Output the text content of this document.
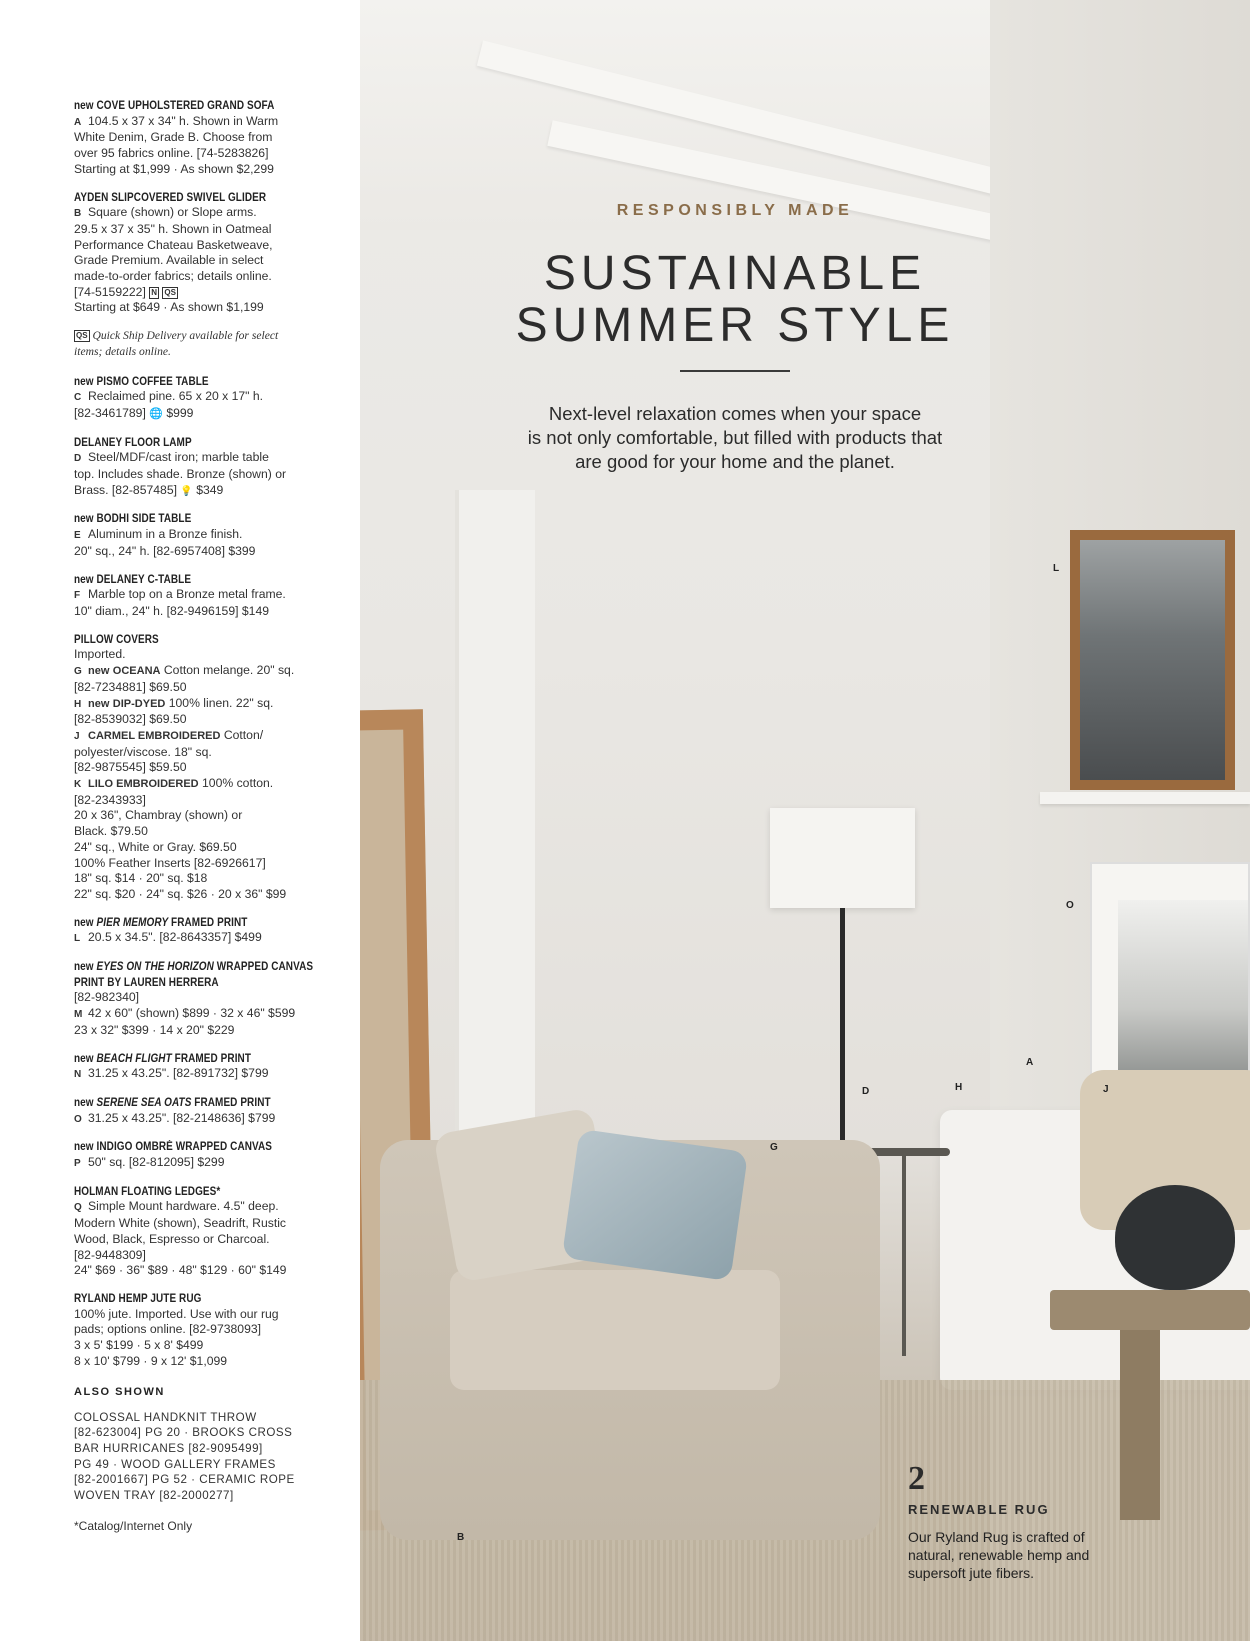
new COVE UPHOLSTERED GRAND SOFA
A 104.5 x 37 x 34" h. Shown in Warm
White Denim, Grade B. Choose from
over 95 fabrics online. [74-5283826]
Starting at $1,999 · As shown $2,299
AYDEN SLIPCOVERED SWIVEL GLIDER
B Square (shown) or Slope arms.
29.5 x 37 x 35" h. Shown in Oatmeal
Performance Chateau Basketweave,
Grade Premium. Available in select
made-to-order fabrics; details online.
[74-5159222] N QS
Starting at $649 · As shown $1,199
QS Quick Ship Delivery available for select
items; details online.
new PISMO COFFEE TABLE
C Reclaimed pine. 65 x 20 x 17" h.
[82-3461789] 🌐 $999
DELANEY FLOOR LAMP
D Steel/MDF/cast iron; marble table
top. Includes shade. Bronze (shown) or
Brass. [82-857485] 💡 $349
new BODHI SIDE TABLE
E Aluminum in a Bronze finish.
20" sq., 24" h. [82-6957408] $399
new DELANEY C-TABLE
F Marble top on a Bronze metal frame.
10" diam., 24" h. [82-9496159] $149
PILLOW COVERS
Imported.
G new OCEANA Cotton melange. 20" sq.
[82-7234881] $69.50
H new DIP-DYED 100% linen. 22" sq.
[82-8539032] $69.50
J CARMEL EMBROIDERED Cotton/
polyester/viscose. 18" sq.
[82-9875545] $59.50
K LILO EMBROIDERED 100% cotton.
[82-2343933]
20 x 36", Chambray (shown) or
Black. $79.50
24" sq., White or Gray. $69.50
100% Feather Inserts [82-6926617]
18" sq. $14 · 20" sq. $18
22" sq. $20 · 24" sq. $26 · 20 x 36" $99
new PIER MEMORY FRAMED PRINT
L 20.5 x 34.5". [82-8643357] $499
new EYES ON THE HORIZON WRAPPED CANVAS
PRINT BY LAUREN HERRERA
[82-982340]
M 42 x 60" (shown) $899 · 32 x 46" $599
23 x 32" $399 · 14 x 20" $229
new BEACH FLIGHT FRAMED PRINT
N 31.25 x 43.25". [82-891732] $799
new SERENE SEA OATS FRAMED PRINT
O 31.25 x 43.25". [82-2148636] $799
new INDIGO OMBRÉ WRAPPED CANVAS
P 50" sq. [82-812095] $299
HOLMAN FLOATING LEDGES*
Q Simple Mount hardware. 4.5" deep.
Modern White (shown), Seadrift, Rustic
Wood, Black, Espresso or Charcoal.
[82-9448309]
24" $69 · 36" $89 · 48" $129 · 60" $149
RYLAND HEMP JUTE RUG
100% jute. Imported. Use with our rug
pads; options online. [82-9738093]
3 x 5' $199 · 5 x 8' $499
8 x 10' $799 · 9 x 12' $1,099
ALSO SHOWN
COLOSSAL HANDKNIT THROW
[82-623004] PG 20 · BROOKS CROSS
BAR HURRICANES [82-9095499]
PG 49 · WOOD GALLERY FRAMES
[82-2001667] PG 52 · CERAMIC ROPE
WOVEN TRAY [82-2000277]
*Catalog/Internet Only
RESPONSIBLY MADE
SUSTAINABLE
SUMMER STYLE
Next-level relaxation comes when your space
is not only comfortable, but filled with products that
are good for your home and the planet.
L
O
A
D	H	J
G
B
2
RENEWABLE RUG
Our Ryland Rug is crafted of
natural, renewable hemp and
supersoft jute fibers.
